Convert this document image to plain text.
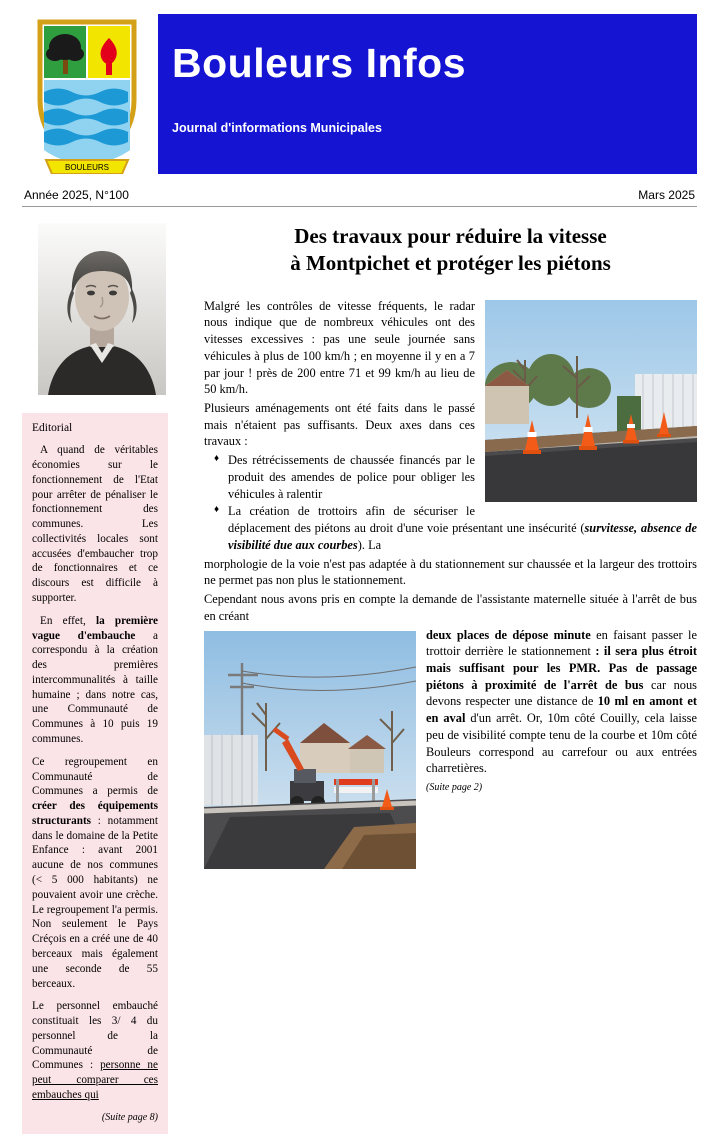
BOULEURS
Bouleurs Infos
Journal d'informations Municipales
Année 2025, N°100	Mars 2025
Editorial

A quand de véritables économies sur le fonctionnement de l'Etat pour arrêter de pénaliser le fonctionnement des communes. Les collectivités locales sont accusées d'embaucher trop de fonctionnaires et ce discours est difficile à supporter.

En effet, la première vague d'embauche a correspondu à la création des premières intercommunalités à taille humaine ; dans notre cas, une Communauté de Communes à 10 puis 19 communes.

Ce regroupement en Communauté de Communes a permis de créer des équipements structurants : notamment dans le domaine de la Petite Enfance : avant 2001 aucune de nos communes (< 5 000 habitants) ne pouvaient avoir une crèche. Le regroupement l'a permis. Non seulement le Pays Créçois en a créé une de 40 berceaux mais également une seconde de 55 berceaux.

Le personnel embauché constituait les 3/ 4 du personnel de la Communauté de Communes : personne ne peut comparer ces embauches qui

(Suite page 8)
Des travaux pour réduire la vitesse
à Montpichet et protéger les piétons

Malgré les contrôles de vitesse fréquents, le radar nous indique que de nombreux véhicules ont des vitesses excessives : pas une seule journée sans véhicules à plus de 100 km/h ; en moyenne il y en a 7 par jour ! près de 200 entre 71 et 99 km/h au lieu de 50 km/h.

Plusieurs aménagements ont été faits dans le passé mais n'étaient pas suffisants. Deux axes dans ces travaux :

♦ Des rétrécissements de chaussée financés par le produit des amendes de police pour obliger les véhicules à ralentir
♦ La création de trottoirs afin de sécuriser le déplacement des piétons au droit d'une voie présentant une insécurité (survitesse, absence de visibilité due aux courbes). La

morphologie de la voie n'est pas adaptée à du stationnement sur chaussée et la largeur des trottoirs ne permet pas non plus le stationnement.

Cependant nous avons pris en compte la demande de l'assistante maternelle située à l'arrêt de bus en créant

deux places de dépose minute en faisant passer le trottoir derrière le stationnement : il sera plus étroit mais suffisant pour les PMR. Pas de passage piétons à proximité de l'arrêt de bus car nous devons respecter une distance de 10 ml en amont et en aval d'un arrêt. Or, 10m côté Couilly, cela laisse peu de visibilité compte tenu de la courbe et 10m côté Bouleurs correspond au carrefour ou aux entrées charretières.

(Suite page 2)
